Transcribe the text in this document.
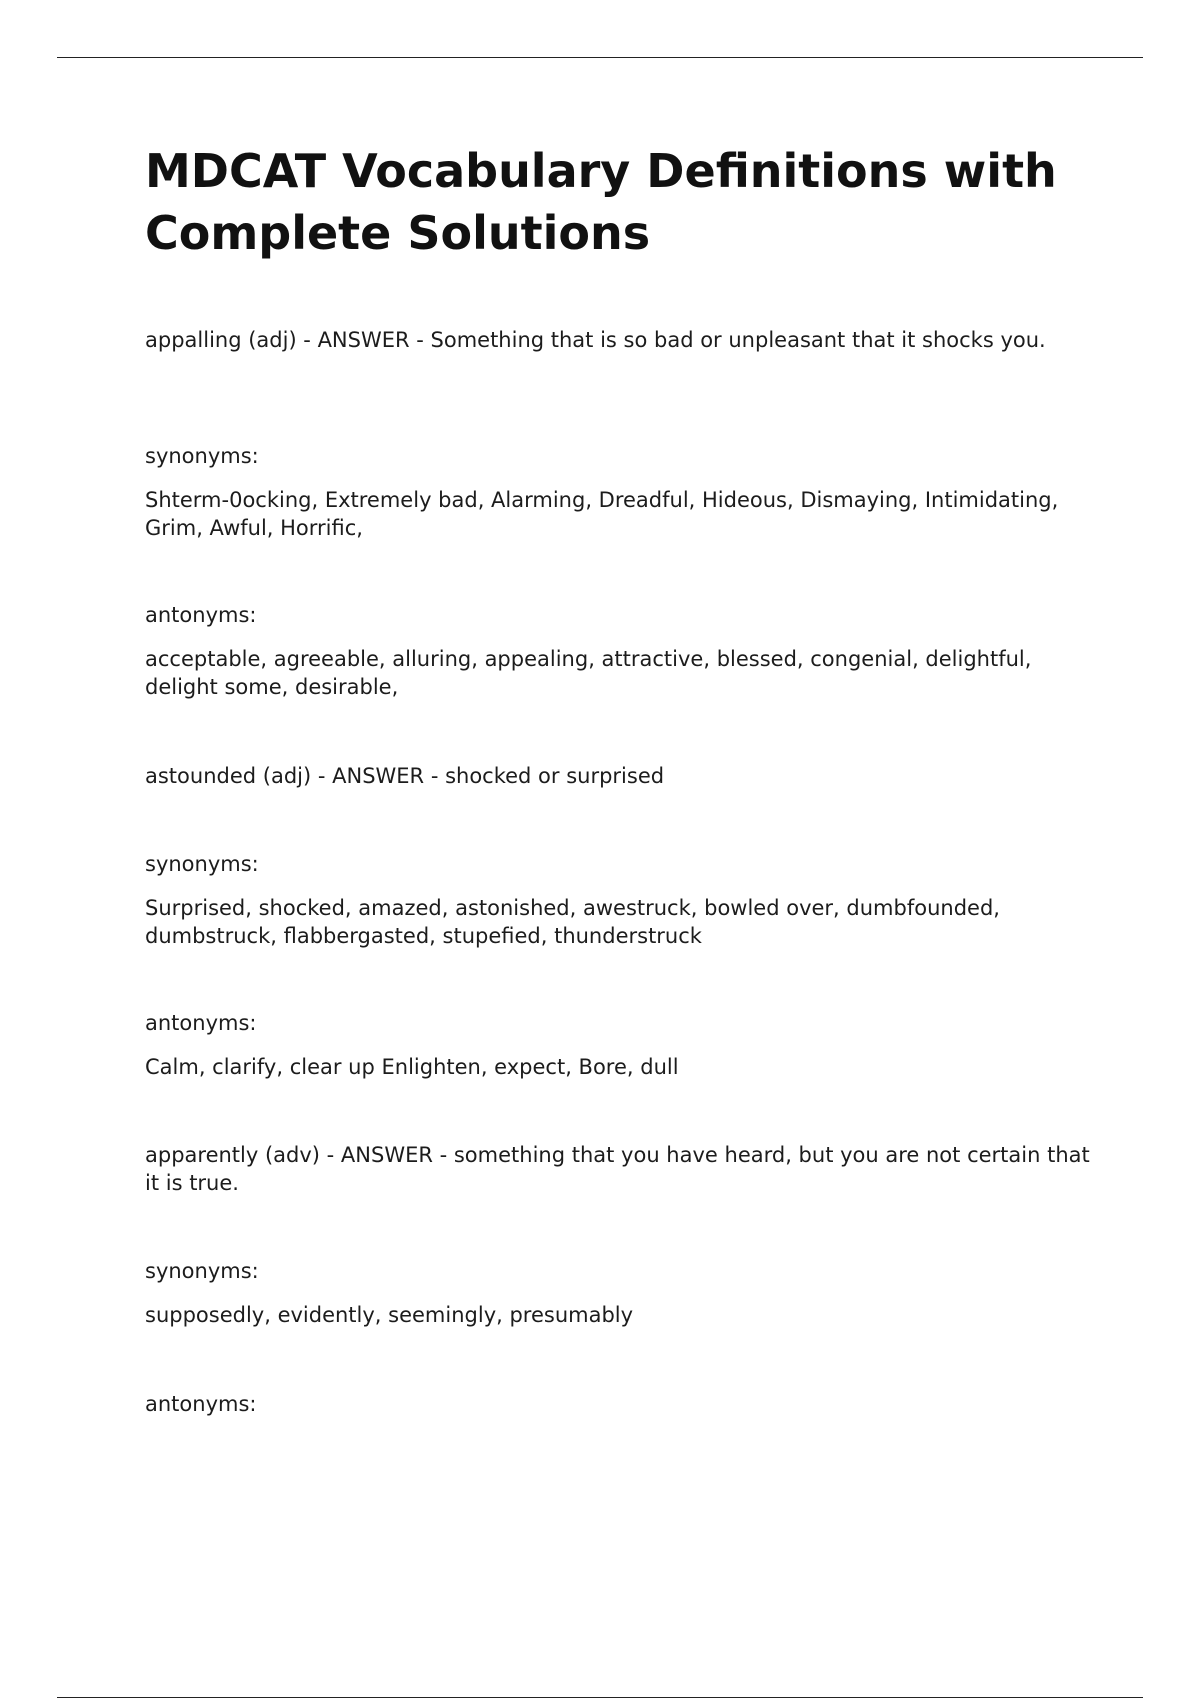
MDCAT Vocabulary Definitions with Complete Solutions

appalling (adj) - ANSWER - Something that is so bad or unpleasant that it shocks you.

synonyms:

Shterm-0ocking, Extremely bad, Alarming, Dreadful, Hideous, Dismaying, Intimidating, Grim, Awful, Horrific,

antonyms:

acceptable, agreeable, alluring, appealing, attractive, blessed, congenial, delightful, delight some, desirable,

astounded (adj) - ANSWER - shocked or surprised

synonyms:

Surprised, shocked, amazed, astonished, awestruck, bowled over, dumbfounded, dumbstruck, flabbergasted, stupefied, thunderstruck

antonyms:

Calm, clarify, clear up Enlighten, expect, Bore, dull

apparently (adv) - ANSWER - something that you have heard, but you are not certain that it is true.

synonyms:

supposedly, evidently, seemingly, presumably

antonyms:
